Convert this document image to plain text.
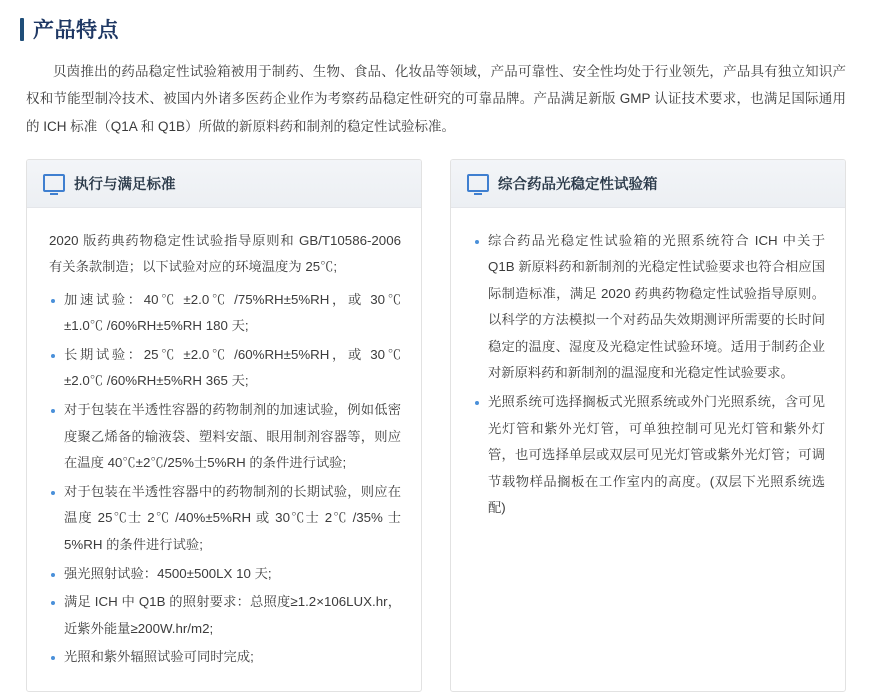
产品特点

贝茵推出的药品稳定性试验箱被用于制药、生物、食品、化妆品等领域，产品可靠性、安全性均处于行业领先，产品具有独立知识产权和节能型制冷技术、被国内外诸多医药企业作为考察药品稳定性研究的可靠品牌。产品满足新版 GMP 认证技术要求，也满足国际通用的 ICH 标准（Q1A 和 Q1B）所做的新原料药和制剂的稳定性试验标准。

执行与满足标准

2020 版药典药物稳定性试验指导原则和 GB/T10586-2006 有关条款制造；以下试验对应的环境温度为 25℃;

加速试验：40℃ ±2.0℃ /75%RH±5%RH，或 30℃ ±1.0℃ /60%RH±5%RH 180 天;
长期试验：25℃ ±2.0℃ /60%RH±5%RH，或 30℃ ±2.0℃ /60%RH±5%RH 365 天;
对于包装在半透性容器的药物制剂的加速试验，例如低密度聚乙烯备的输液袋、塑料安瓿、眼用制剂容器等，则应在温度 40℃±2℃/25%士5%RH 的条件进行试验;
对于包装在半透性容器中的药物制剂的长期试验，则应在温度 25℃士 2℃ /40%±5%RH 或 30℃士 2℃ /35% 士 5%RH 的条件进行试验;
强光照射试验：4500±500LX 10 天;
满足 ICH 中 Q1B 的照射要求：总照度≥1.2×106LUX.hr，近紫外能量≥200W.hr/m2;
光照和紫外辐照试验可同时完成;
综合药品光稳定性试验箱
综合药品光稳定性试验箱的光照系统符合 ICH 中关于 Q1B 新原料药和新制剂的光稳定性试验要求也符合相应国际制造标准，满足 2020 药典药物稳定性试验指导原则。以科学的方法模拟一个对药品失效期测评所需要的长时间稳定的温度、湿度及光稳定性试验环境。适用于制药企业对新原料药和新制剂的温湿度和光稳定性试验要求。
光照系统可选择搁板式光照系统或外门光照系统，含可见光灯管和紫外光灯管，可单独控制可见光灯管和紫外灯管，也可选择单层或双层可见光灯管或紫外光灯管；可调节载物样品搁板在工作室内的高度。(双层下光照系统选配)
